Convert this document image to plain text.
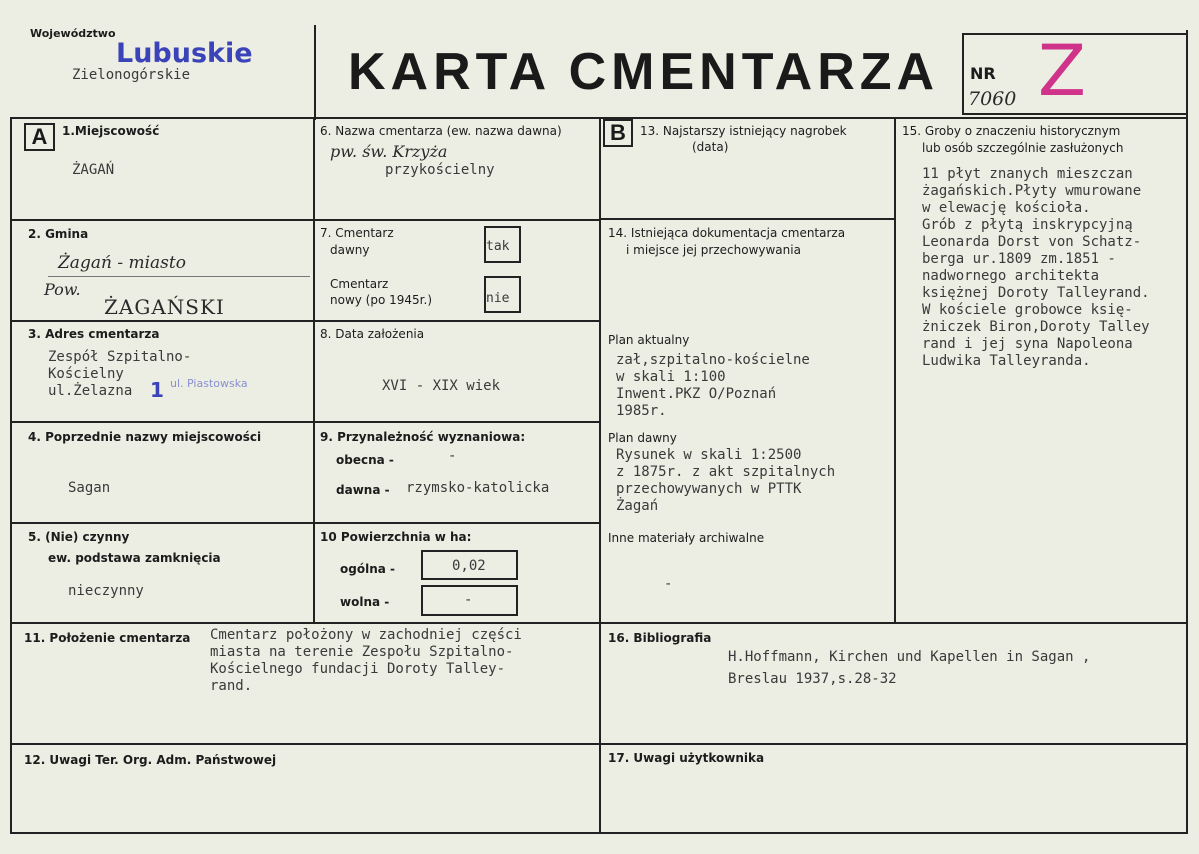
Województwo
Lubuskie
Zielonogórskie	KARTA CMENTARZA NR
7060 Z
A	B
1.Miejscowość
ŻAGAŃ
2. Gmina
Żagań - miasto
Pow.
ŻAGAŃSKI
3. Adres cmentarza
Zespół Szpitalno-
Kościelny
ul.Żelazna 1 ul. Piastowska
4. Poprzednie nazwy miejscowości
Sagan
5. (Nie) czynny
ew. podstawa zamknięcia
nieczynny
6. Nazwa cmentarza (ew. nazwa dawna)
pw. św. Krzyża
przykościelny
7. Cmentarz
dawny	tak
Cmentarz
nowy (po 1945r.)	nie
8. Data założenia
XVI - XIX wiek
9. Przynależność wyznaniowa:
obecna -	-
dawna - rzymsko-katolicka
10 Powierzchnia w ha:
ogólna -	0,02
wolna -	-
11. Położenie cmentarza Cmentarz położony w zachodniej części
miasta na terenie Zespołu Szpitalno-
Kościelnego fundacji Doroty Talley-
rand.
12. Uwagi Ter. Org. Adm. Państwowej
13. Najstarszy istniejący nagrobek
(data)
14. Istniejąca dokumentacja cmentarza
i miejsce jej przechowywania
Plan aktualny
zał,szpitalno-kościelne
w skali 1:100
Inwent.PKZ O/Poznań
1985r.
Plan dawny
Rysunek w skali 1:2500
z 1875r. z akt szpitalnych
przechowywanych w PTTK
Żagań
Inne materiały archiwalne
-
15. Groby o znaczeniu historycznym
lub osób szczególnie zasłużonych
11 płyt znanych mieszczan
żagańskich.Płyty wmurowane
w elewację kościoła.
Grób z płytą inskrypcyjną
Leonarda Dorst von Schatz-
berga ur.1809 zm.1851 -
nadwornego architekta
księżnej Doroty Talleyrand.
W kościele grobowce księ-
żniczek Biron,Doroty Talley
rand i jej syna Napoleona
Ludwika Talleyranda.
16. Bibliografia
H.Hoffmann, Kirchen und Kapellen in Sagan ,
Breslau 1937,s.28-32
17. Uwagi użytkownika
